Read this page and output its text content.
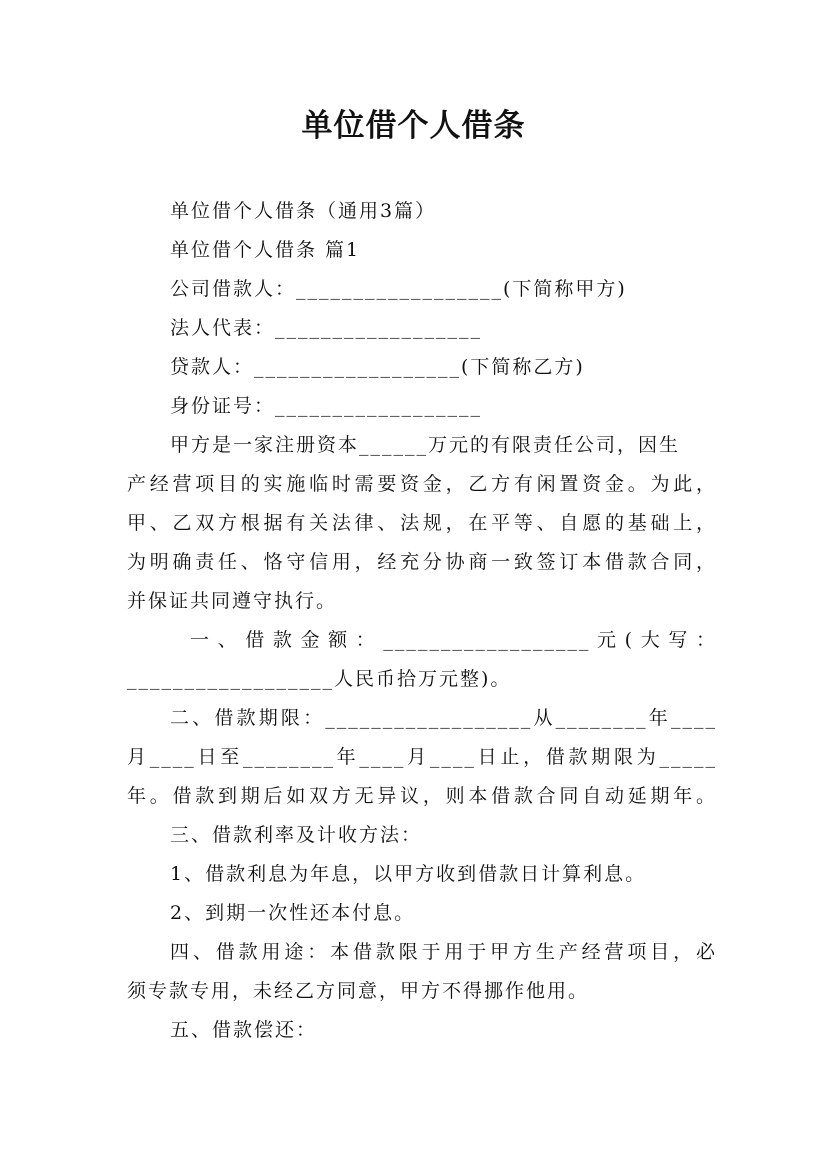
单位借个人借条
单位借个人借条（通用3篇）
单位借个人借条 篇1
公司借款人：__________________(下简称甲方)
法人代表：__________________
贷款人：__________________(下简称乙方)
身份证号：__________________
甲方是一家注册资本______万元的有限责任公司，因生
产经营项目的实施临时需要资金，乙方有闲置资金。为此，
甲、乙双方根据有关法律、法规，在平等、自愿的基础上，
为明确责任、恪守信用，经充分协商一致签订本借款合同，
并保证共同遵守执行。
一、借款金额：__________________元(大写：
__________________人民币拾万元整)。
二、借款期限：__________________从________年____
月____日至________年____月____日止，借款期限为_____
年。借款到期后如双方无异议，则本借款合同自动延期年。
三、借款利率及计收方法：
1、借款利息为年息，以甲方收到借款日计算利息。
2、到期一次性还本付息。
四、借款用途：本借款限于用于甲方生产经营项目，必
须专款专用，未经乙方同意，甲方不得挪作他用。
五、借款偿还：
